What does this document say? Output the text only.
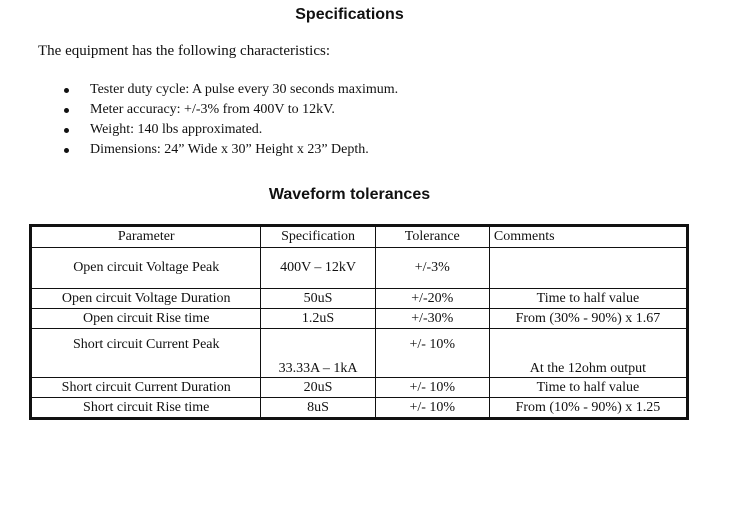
Specifications
The equipment has the following characteristics:
Tester duty cycle: A pulse every 30 seconds maximum.
Meter accuracy: +/-3% from 400V to 12kV.
Weight: 140 lbs approximated.
Dimensions: 24” Wide x 30” Height x 23” Depth.
Waveform tolerances
Parameter	Specification	Tolerance	Comments
Open circuit Voltage Peak	400V – 12kV	+/-3%	
Open circuit Voltage Duration	50uS	+/-20%	Time to half value
Open circuit Rise time	1.2uS	+/-30%	From (30% - 90%) x 1.67
Short circuit Current Peak	33.33A – 1kA	+/- 10%	At the 12ohm output
Short circuit Current Duration	20uS	+/- 10%	Time to half value
Short circuit Rise time	8uS	+/- 10%	From (10% - 90%) x 1.25
